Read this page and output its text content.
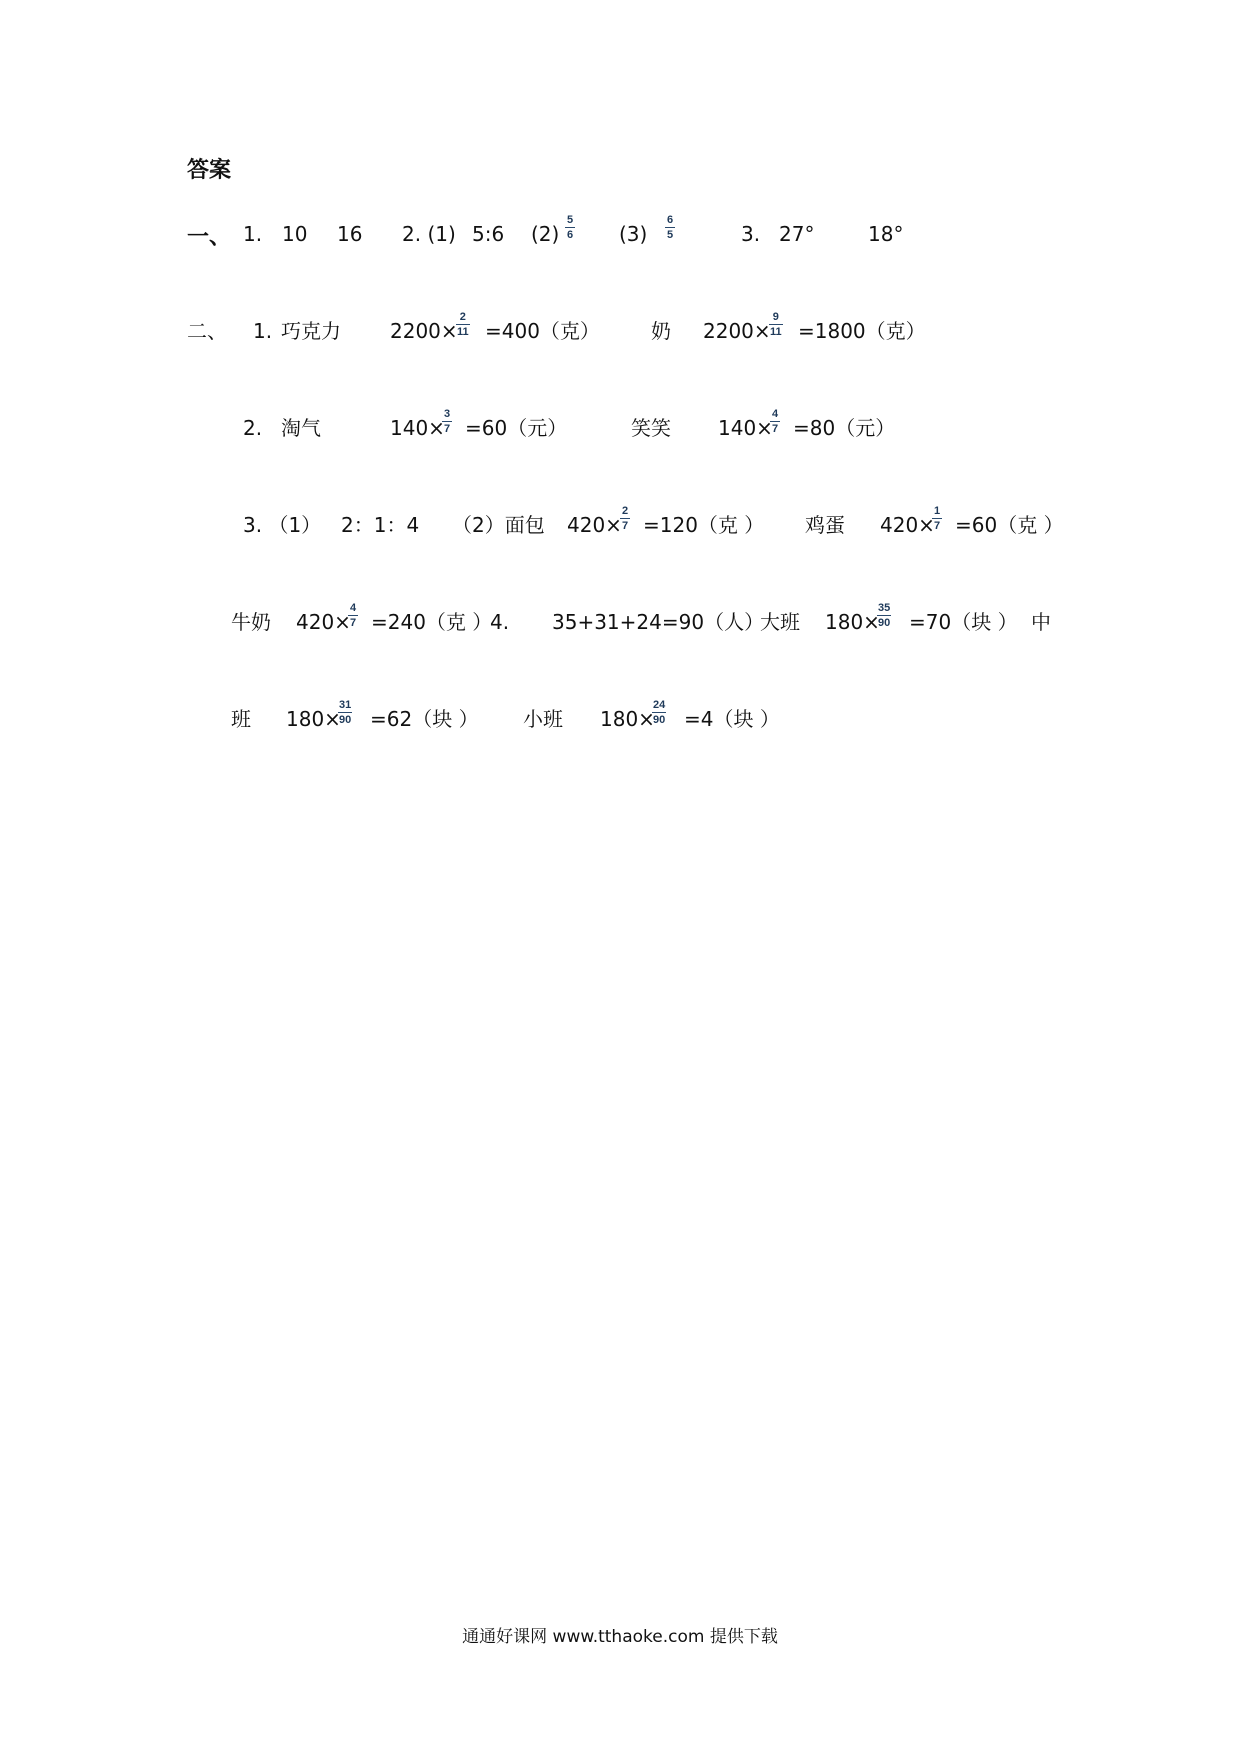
答案
一、 1. 10 16 2. (1) 5:6 (2)
5
6 (3)
6
5	3. 27°	18°
二、 1. 巧克力 2200×
2
11 =400（克）	奶 2200×
9
11 =1800（克）
2. 淘气	140×
3
7 =60（元）	笑笑 140×
4
7 =80（元）
3. （1） 2：1：4 （2）面包 420×
2
7 =120（克 ） 鸡蛋 420×
1
7 =60（克 ）
牛奶 420×
4
7 =240（克 ）
4. 35+31+24=90（人）
大班 180×
35
90 =70（块 ） 中
班 180×
31
90 =62（块 ） 小班 180×
24
90 =4（块 ）
通通好课网 www.tthaoke.com 提供下载
